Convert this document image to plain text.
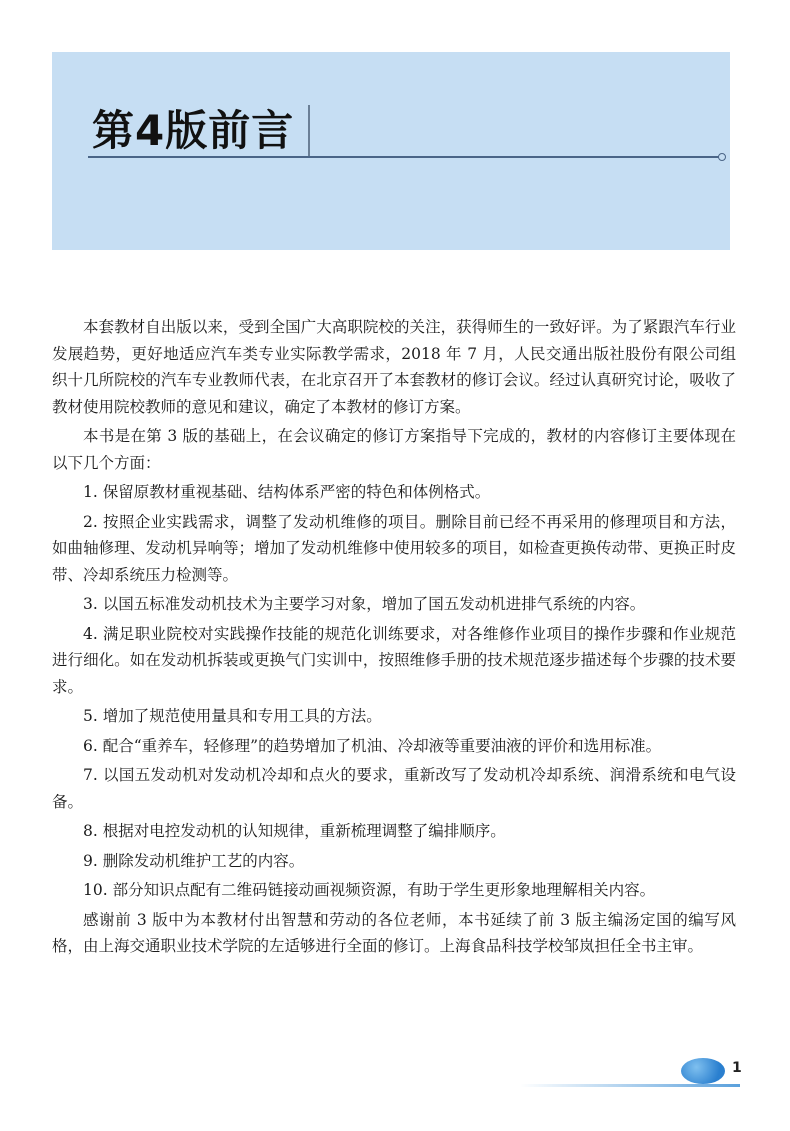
第4版前言

本套教材自出版以来，受到全国广大高职院校的关注，获得师生的一致好评。为了紧跟汽车行业发展趋势，更好地适应汽车类专业实际教学需求，2018 年 7 月，人民交通出版社股份有限公司组织十几所院校的汽车专业教师代表，在北京召开了本套教材的修订会议。经过认真研究讨论，吸收了教材使用院校教师的意见和建议，确定了本教材的修订方案。

本书是在第 3 版的基础上，在会议确定的修订方案指导下完成的，教材的内容修订主要体现在以下几个方面：

1. 保留原教材重视基础、结构体系严密的特色和体例格式。

2. 按照企业实践需求，调整了发动机维修的项目。删除目前已经不再采用的修理项目和方法，如曲轴修理、发动机异响等；增加了发动机维修中使用较多的项目，如检查更换传动带、更换正时皮带、冷却系统压力检测等。

3. 以国五标准发动机技术为主要学习对象，增加了国五发动机进排气系统的内容。

4. 满足职业院校对实践操作技能的规范化训练要求，对各维修作业项目的操作步骤和作业规范进行细化。如在发动机拆装或更换气门实训中，按照维修手册的技术规范逐步描述每个步骤的技术要求。

5. 增加了规范使用量具和专用工具的方法。

6. 配合“重养车，轻修理”的趋势增加了机油、冷却液等重要油液的评价和选用标准。

7. 以国五发动机对发动机冷却和点火的要求，重新改写了发动机冷却系统、润滑系统和电气设备。

8. 根据对电控发动机的认知规律，重新梳理调整了编排顺序。

9. 删除发动机维护工艺的内容。

10. 部分知识点配有二维码链接动画视频资源，有助于学生更形象地理解相关内容。

感谢前 3 版中为本教材付出智慧和劳动的各位老师，本书延续了前 3 版主编汤定国的编写风格，由上海交通职业技术学院的左适够进行全面的修订。上海食品科技学校邹岚担任全书主审。

1
